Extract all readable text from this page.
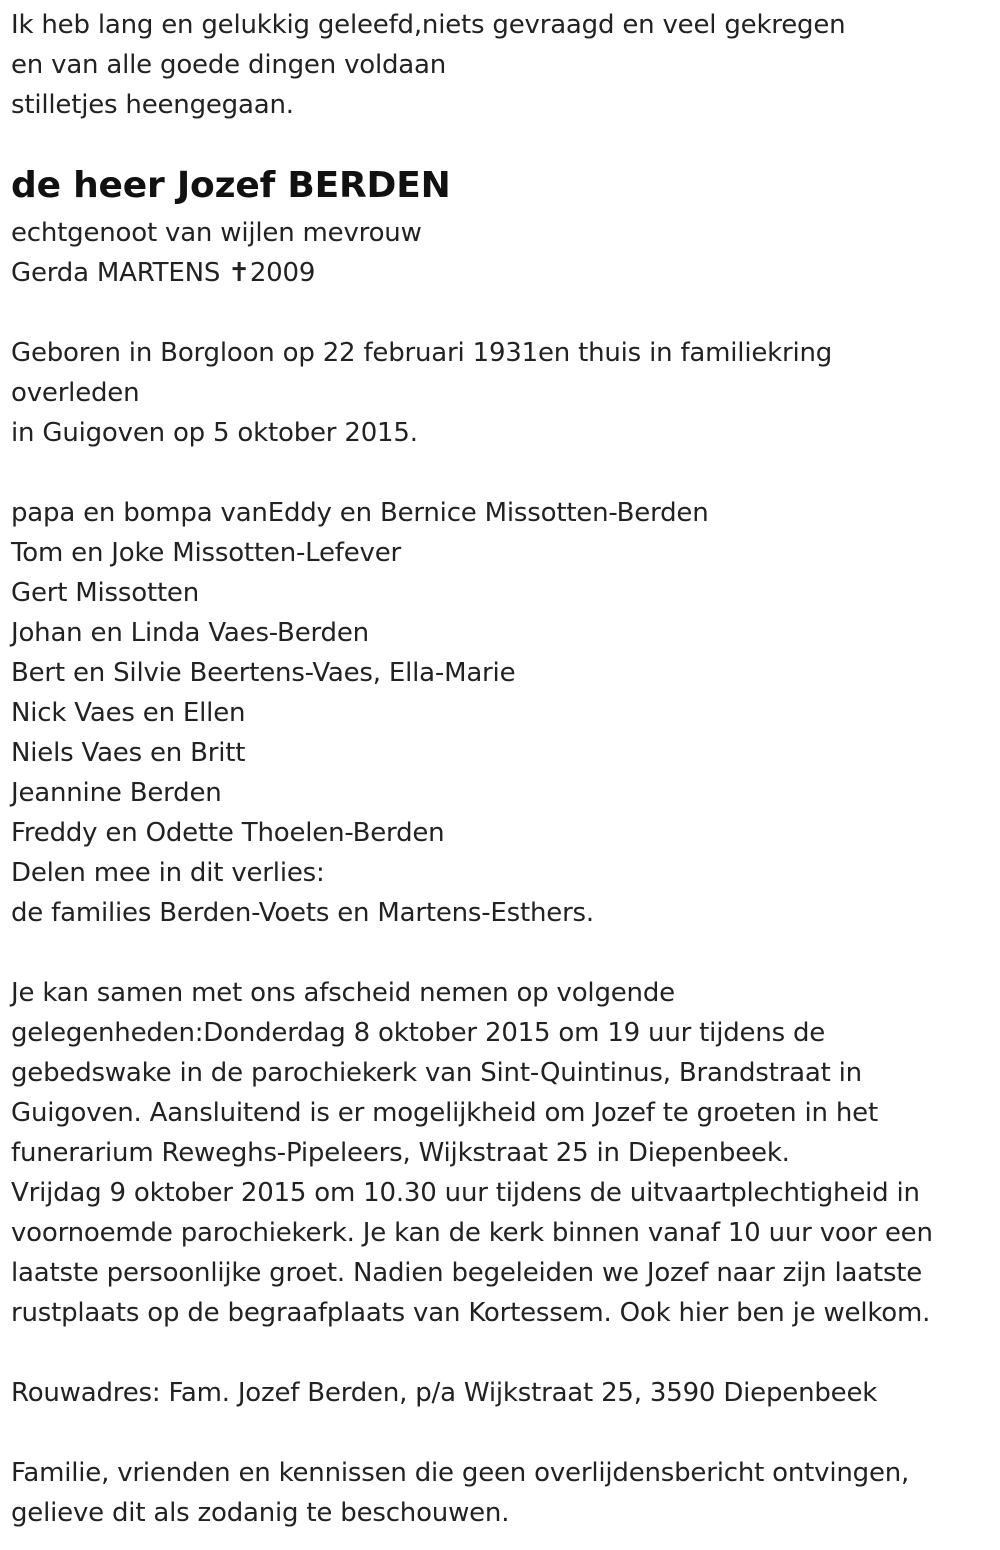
Ik heb lang en gelukkig geleefd,niets gevraagd en veel gekregen
en van alle goede dingen voldaan
stilletjes heengegaan.
de heer Jozef BERDEN
echtgenoot van wijlen mevrouw
Gerda MARTENS ✝2009
Geboren in Borgloon op 22 februari 1931en thuis in familiekring
overleden
in Guigoven op 5 oktober 2015.
papa en bompa vanEddy en Bernice Missotten-Berden
Tom en Joke Missotten-Lefever
Gert Missotten
Johan en Linda Vaes-Berden
Bert en Silvie Beertens-Vaes, Ella-Marie
Nick Vaes en Ellen
Niels Vaes en Britt
Jeannine Berden
Freddy en Odette Thoelen-Berden
Delen mee in dit verlies:
de families Berden-Voets en Martens-Esthers.
Je kan samen met ons afscheid nemen op volgende
gelegenheden:Donderdag 8 oktober 2015 om 19 uur tijdens de
gebedswake in de parochiekerk van Sint-Quintinus, Brandstraat in
Guigoven. Aansluitend is er mogelijkheid om Jozef te groeten in het
funerarium Reweghs-Pipeleers, Wijkstraat 25 in Diepenbeek.
Vrijdag 9 oktober 2015 om 10.30 uur tijdens de uitvaartplechtigheid in
voornoemde parochiekerk. Je kan de kerk binnen vanaf 10 uur voor een
laatste persoonlijke groet. Nadien begeleiden we Jozef naar zijn laatste
rustplaats op de begraafplaats van Kortessem. Ook hier ben je welkom.
Rouwadres: Fam. Jozef Berden, p/a Wijkstraat 25, 3590 Diepenbeek
Familie, vrienden en kennissen die geen overlijdensbericht ontvingen,
gelieve dit als zodanig te beschouwen.
